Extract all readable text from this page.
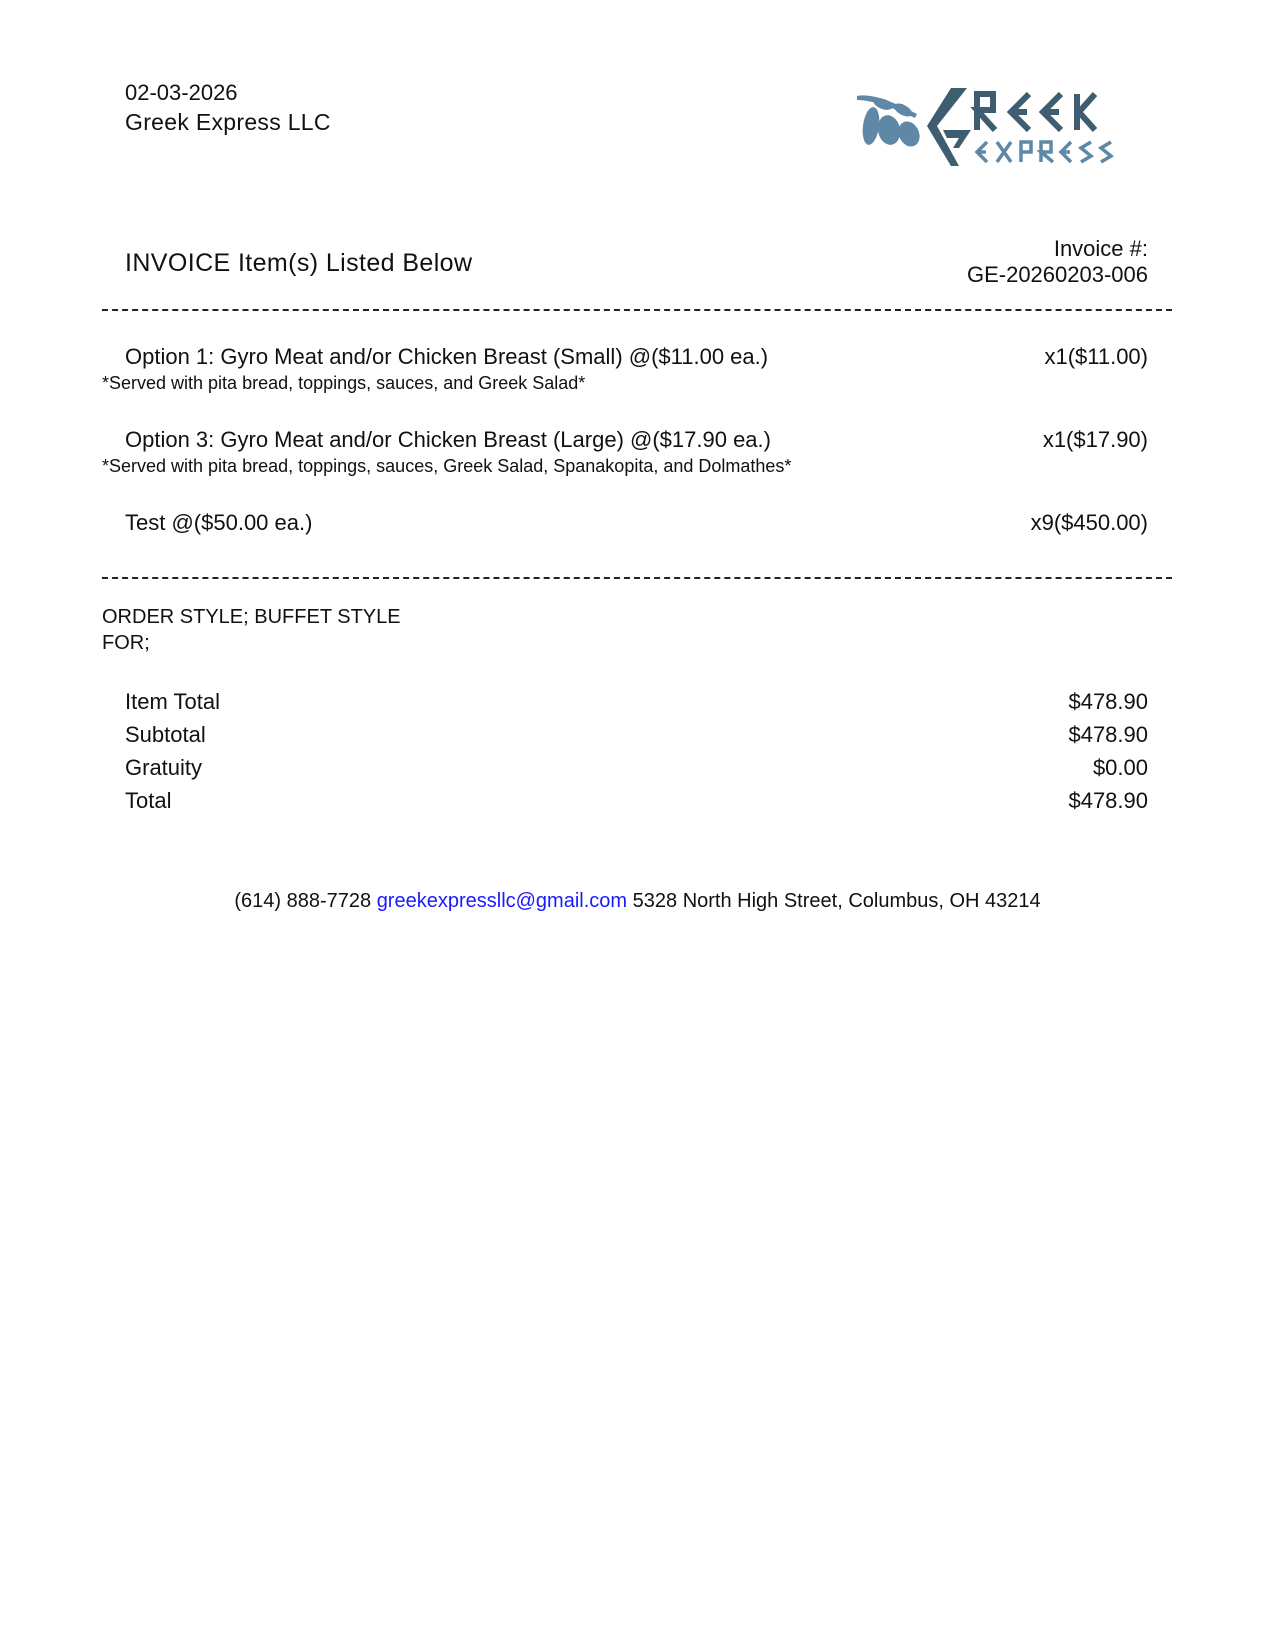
02-03-2026
Greek Express LLC
INVOICE Item(s) Listed Below
Invoice #:
GE-20260203-006
Option 1: Gyro Meat and/or Chicken Breast (Small) @($11.00 ea.)	x1($11.00)
*Served with pita bread, toppings, sauces, and Greek Salad*
Option 3: Gyro Meat and/or Chicken Breast (Large) @($17.90 ea.)	x1($17.90)
*Served with pita bread, toppings, sauces, Greek Salad, Spanakopita, and Dolmathes*
Test @($50.00 ea.)	x9($450.00)
ORDER STYLE; BUFFET STYLE
FOR;
Item Total	$478.90
Subtotal	$478.90
Gratuity	$0.00
Total	$478.90
(614) 888-7728 greekexpressllc@gmail.com 5328 North High Street, Columbus, OH 43214
